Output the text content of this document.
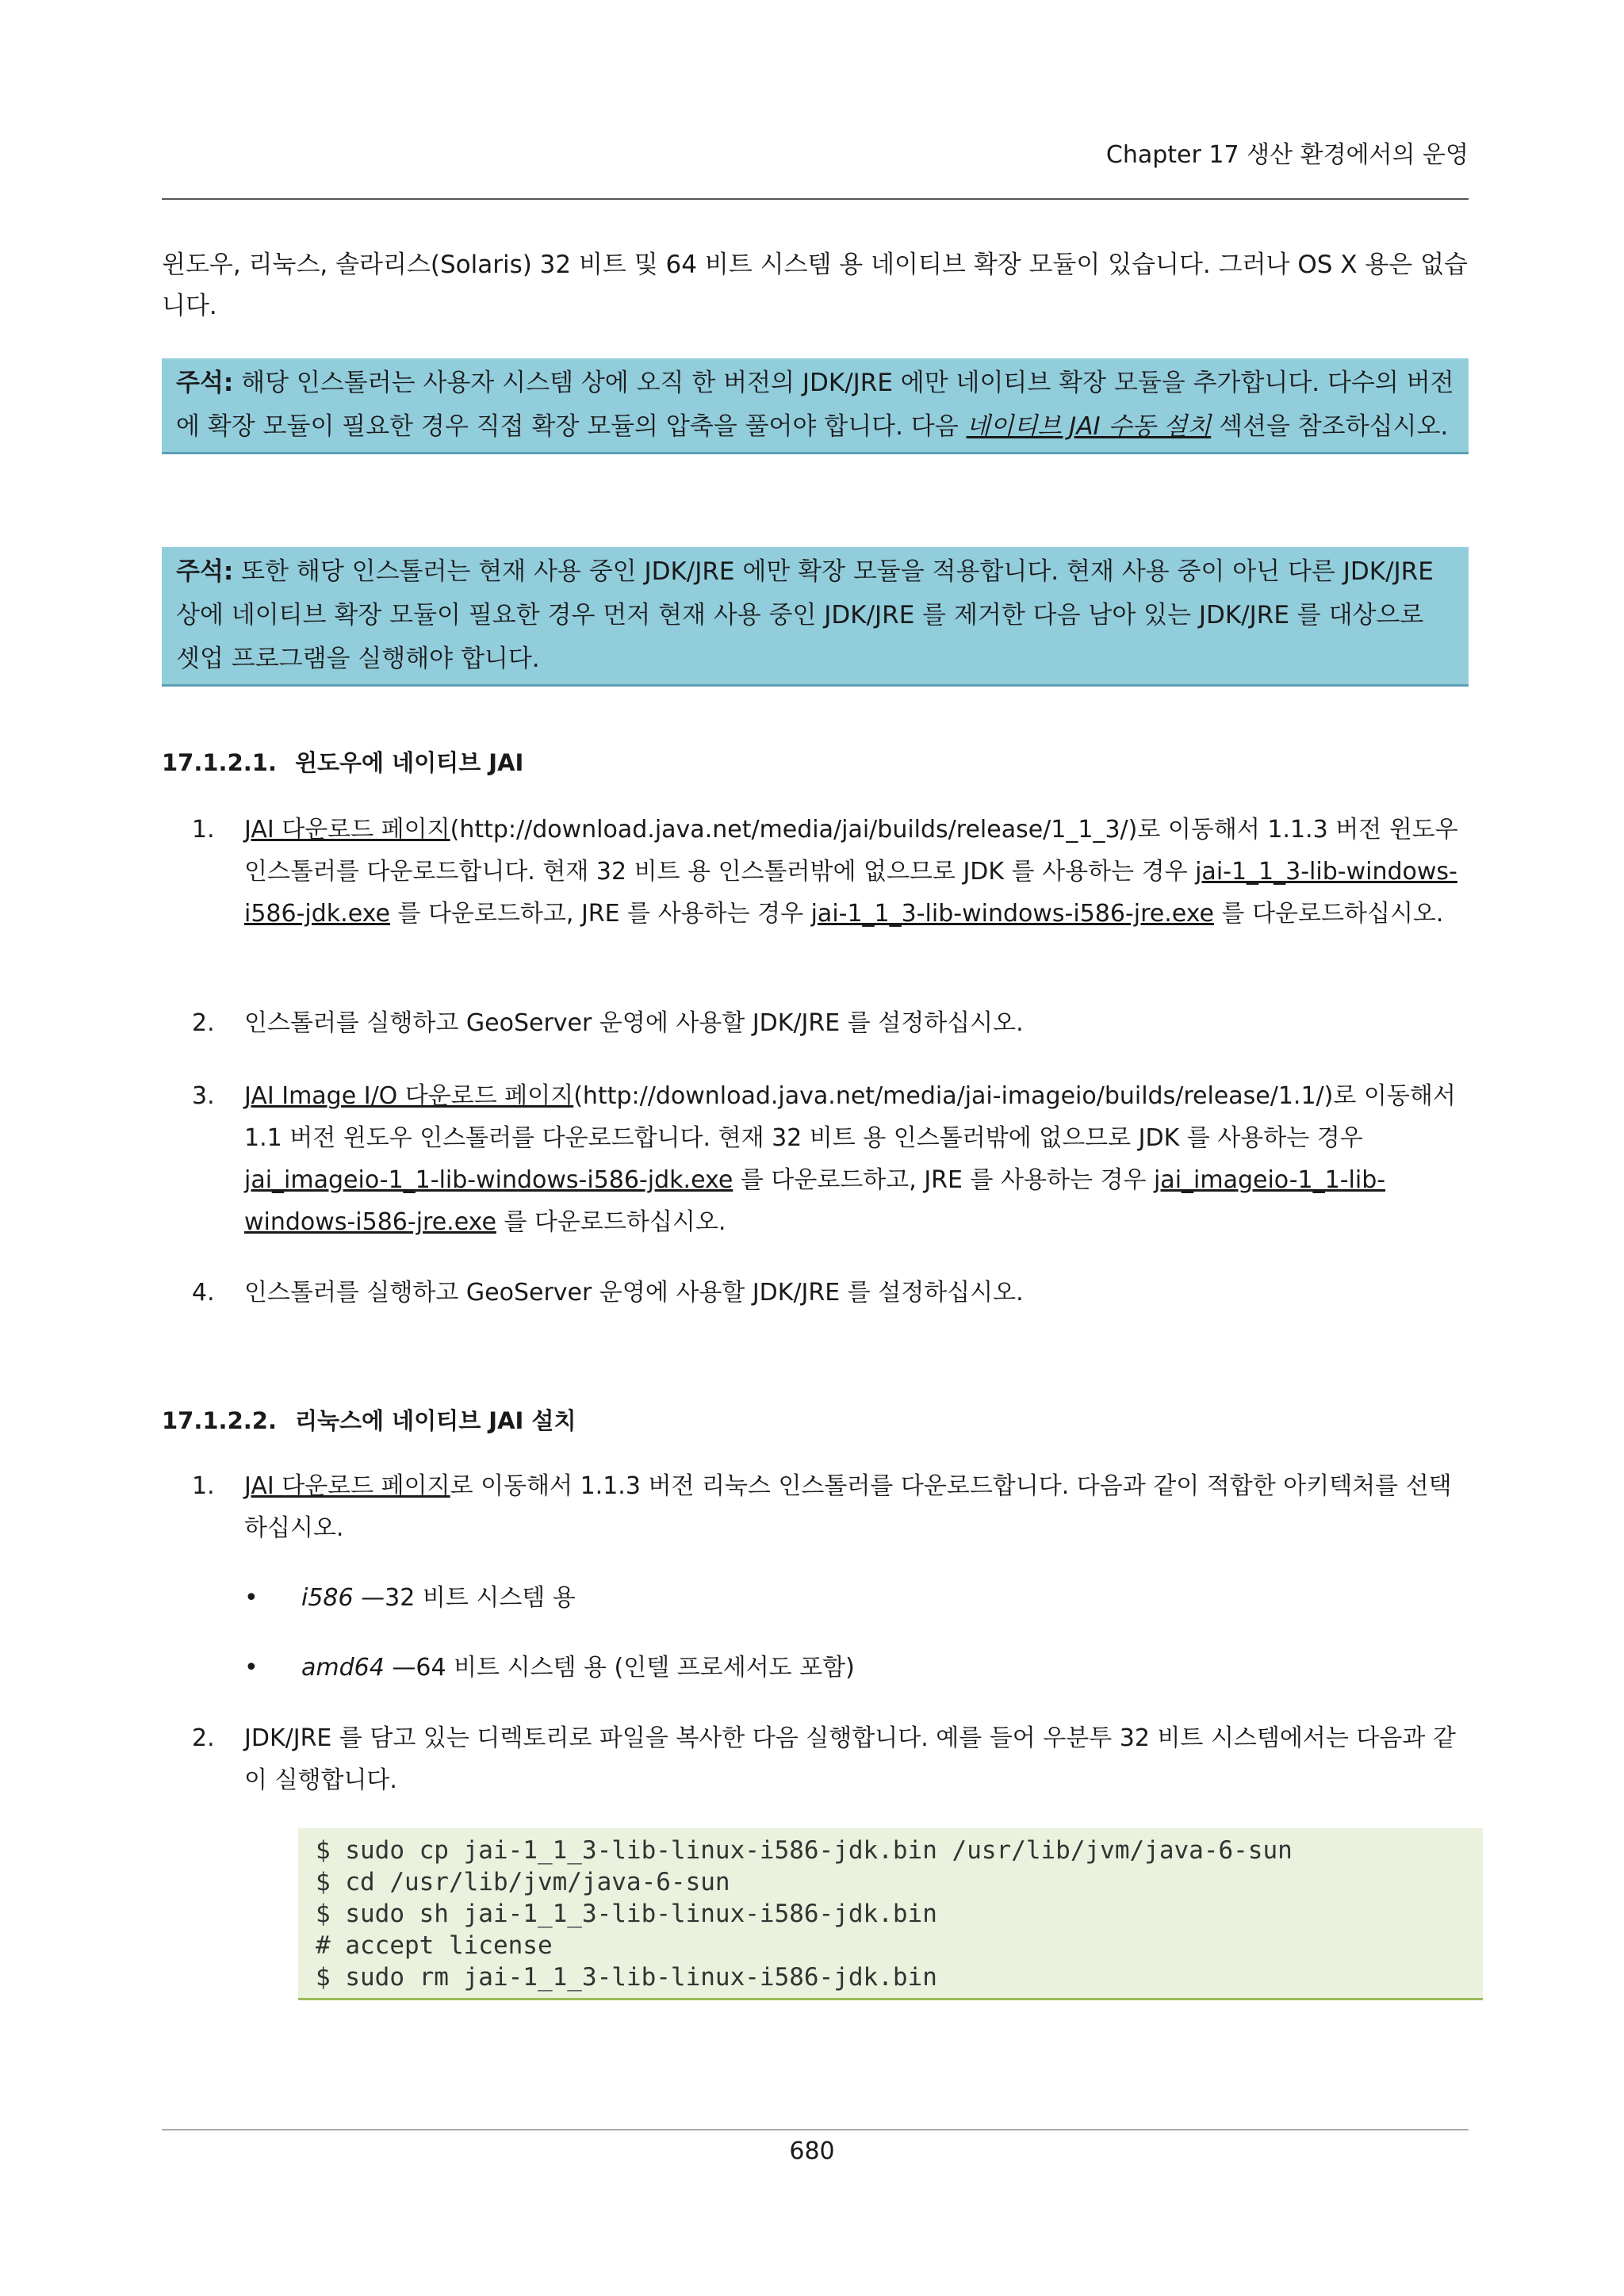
Chapter 17 생산 환경에서의 운영
윈도우, 리눅스, 솔라리스(Solaris) 32 비트 및 64 비트 시스템 용 네이티브 확장 모듈이 있습니다. 그러나 OS X 용은 없습니다.
주석: 해당 인스톨러는 사용자 시스템 상에 오직 한 버전의 JDK/JRE 에만 네이티브 확장 모듈을 추가합니다. 다수의 버전에 확장 모듈이 필요한 경우 직접 확장 모듈의 압축을 풀어야 합니다. 다음 네이티브 JAI 수동 설치 섹션을 참조하십시오.
주석: 또한 해당 인스톨러는 현재 사용 중인 JDK/JRE 에만 확장 모듈을 적용합니다. 현재 사용 중이 아닌 다른 JDK/JRE 상에 네이티브 확장 모듈이 필요한 경우 먼저 현재 사용 중인 JDK/JRE 를 제거한 다음 남아 있는 JDK/JRE 를 대상으로 셋업 프로그램을 실행해야 합니다.
17.1.2.1. 윈도우에 네이티브 JAI
1. JAI 다운로드 페이지(http://download.java.net/media/jai/builds/release/1_1_3/)로 이동해서 1.1.3 버전 윈도우 인스톨러를 다운로드합니다. 현재 32 비트 용 인스톨러밖에 없으므로 JDK 를 사용하는 경우 jai-1_1_3-lib-windows-i586-jdk.exe 를 다운로드하고, JRE 를 사용하는 경우 jai-1_1_3-lib-windows-i586-jre.exe 를 다운로드하십시오.
2. 인스톨러를 실행하고 GeoServer 운영에 사용할 JDK/JRE 를 설정하십시오.
3. JAI Image I/O 다운로드 페이지(http://download.java.net/media/jai-imageio/builds/release/1.1/)로 이동해서 1.1 버전 윈도우 인스톨러를 다운로드합니다. 현재 32 비트 용 인스톨러밖에 없으므로 JDK 를 사용하는 경우 jai_imageio-1_1-lib-windows-i586-jdk.exe 를 다운로드하고, JRE 를 사용하는 경우 jai_imageio-1_1-lib-windows-i586-jre.exe 를 다운로드하십시오.
4. 인스톨러를 실행하고 GeoServer 운영에 사용할 JDK/JRE 를 설정하십시오.
17.1.2.2. 리눅스에 네이티브 JAI 설치
1. JAI 다운로드 페이지로 이동해서 1.1.3 버전 리눅스 인스톨러를 다운로드합니다. 다음과 같이 적합한 아키텍처를 선택하십시오.
• i586 —32 비트 시스템 용
• amd64 —64 비트 시스템 용 (인텔 프로세서도 포함)
2. JDK/JRE 를 담고 있는 디렉토리로 파일을 복사한 다음 실행합니다. 예를 들어 우분투 32 비트 시스템에서는 다음과 같이 실행합니다.
$ sudo cp jai-1_1_3-lib-linux-i586-jdk.bin /usr/lib/jvm/java-6-sun
$ cd /usr/lib/jvm/java-6-sun
$ sudo sh jai-1_1_3-lib-linux-i586-jdk.bin
# accept license
$ sudo rm jai-1_1_3-lib-linux-i586-jdk.bin
680
